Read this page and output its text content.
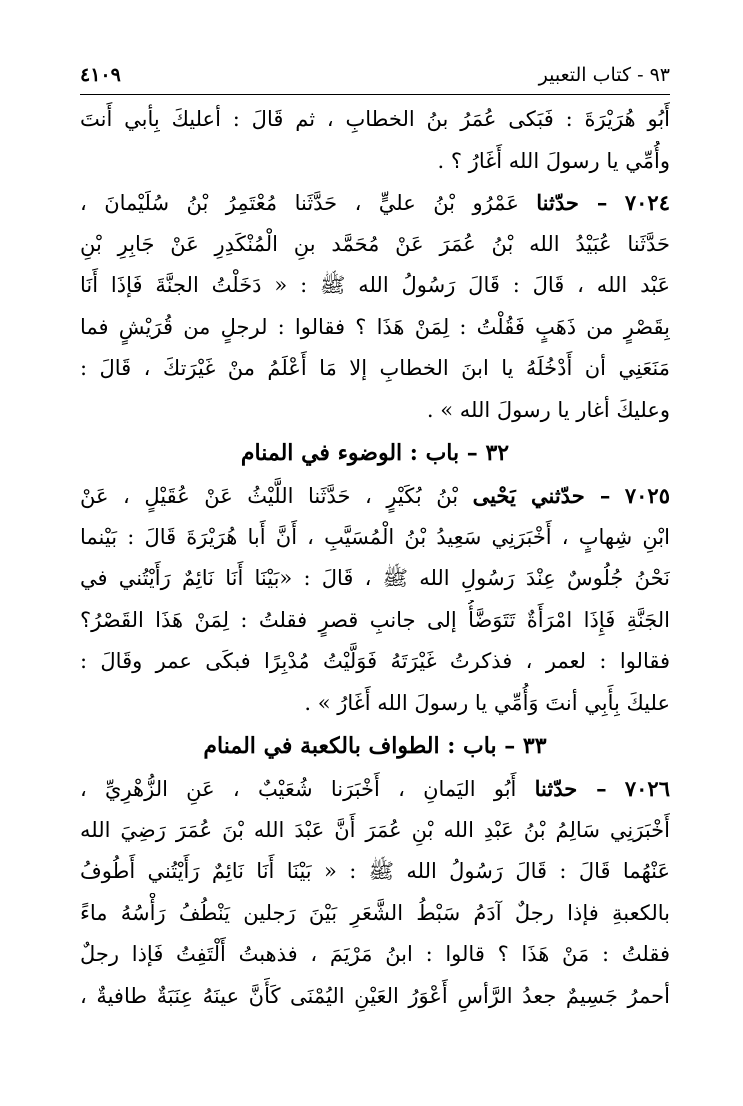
٩٣ - كتاب التعبير
٤١٠٩
أَبُو هُرَيْرَةَ : فَبَكى عُمَرُ بنُ الخطابِ ، ثم قَالَ : أعليكَ بِأبي أَنتَ
وأُمِّي يا رسولَ الله أَغَارُ ؟ .
٧٠٢٤ – حدّثنا عَمْرُو بْنُ عليٍّ ، حَدَّثَنا مُعْتَمِرُ بْنُ سُلَيْمانَ ،
حَدَّثَنا عُبَيْدُ الله بْنُ عُمَرَ عَنْ مُحَمَّد بنِ الْمُنْكَدِرِ عَنْ جَابِرِ بْنِ
عَبْد الله ، قَالَ : قَالَ رَسُولُ الله ﷺ : « دَخَلْتُ الجنَّةَ فَإذَا أَنَا
بِقَصْرٍ من ذَهَبٍ فَقُلْتُ : لِمَنْ هَذَا ؟ فقالوا : لرجلٍ من قُرَيْشٍ فما
مَنَعَنِي أن أَدْخُلَهُ يا ابنَ الخطابِ إلا مَا أَعْلَمُ منْ غَيْرَتكَ ، قَالَ :
وعليكَ أغار يا رسولَ الله » .
٣٢ – باب : الوضوء في المنام
٧٠٢٥ – حدّثني يَحْيى بْنُ بُكَيْرٍ ، حَدَّثَنا اللَّيْثُ عَنْ عُقَيْلٍ ، عَنْ
ابْنِ شِهابٍ ، أَخْبَرَنِي سَعِيدُ بْنُ الْمُسَيَّبِ ، أَنَّ أَبا هُرَيْرَةَ قَالَ : بَيْنما
نَحْنُ جُلُوسٌ عِنْدَ رَسُولِ الله ﷺ ، قَالَ : «بَيْنَا أَنَا نَائِمٌ رَأَيْتُني في
الجَنَّةِ فَإِذَا امْرَأَةٌ تَتَوَضَّأُ إلى جانبِ قصرٍ فقلتُ : لِمَنْ هَذَا القَصْرُ؟
فقالوا : لعمر ، فذكرتُ غَيْرَتَهُ فَوَلَّيْتُ مُدْبِرًا فبكَى عمر وقَالَ :
عليكَ بِأَبِي أنتَ وَأُمِّي يا رسولَ الله أَغَارُ » .
٣٣ – باب : الطواف بالكعبة في المنام
٧٠٢٦ – حدّثنا أَبُو اليَمانِ ، أَخْبَرَنا شُعَيْبٌ ، عَنِ الزُّهْرِيِّ ،
أَخْبَرَنِي سَالِمُ بْنُ عَبْدِ الله بْنِ عُمَرَ أَنَّ عَبْدَ الله بْنَ عُمَرَ رَضِيَ الله
عَنْهُما قَالَ : قَالَ رَسُولُ الله ﷺ : « بَيْنَا أَنَا نَائِمٌ رَأَيْتُني أَطُوفُ
بالكعبةِ فإذا رجلٌ آدَمُ سَبْطُ الشَّعَرِ بَيْنَ رَجلين يَنْطُفُ رَأْسُهُ ماءً
فقلتُ : مَنْ هَذَا ؟ قالوا : ابنُ مَرْيَمَ ، فذهبتُ أَلْتَفِتُ فَإذا رجلٌ
أحمرُ جَسِيمٌ جعدُ الرَّأسِ أَعْوَرُ العَيْنِ اليُمْنَى كَأَنَّ عينَهُ عِنَبَةٌ طافيةٌ ،
